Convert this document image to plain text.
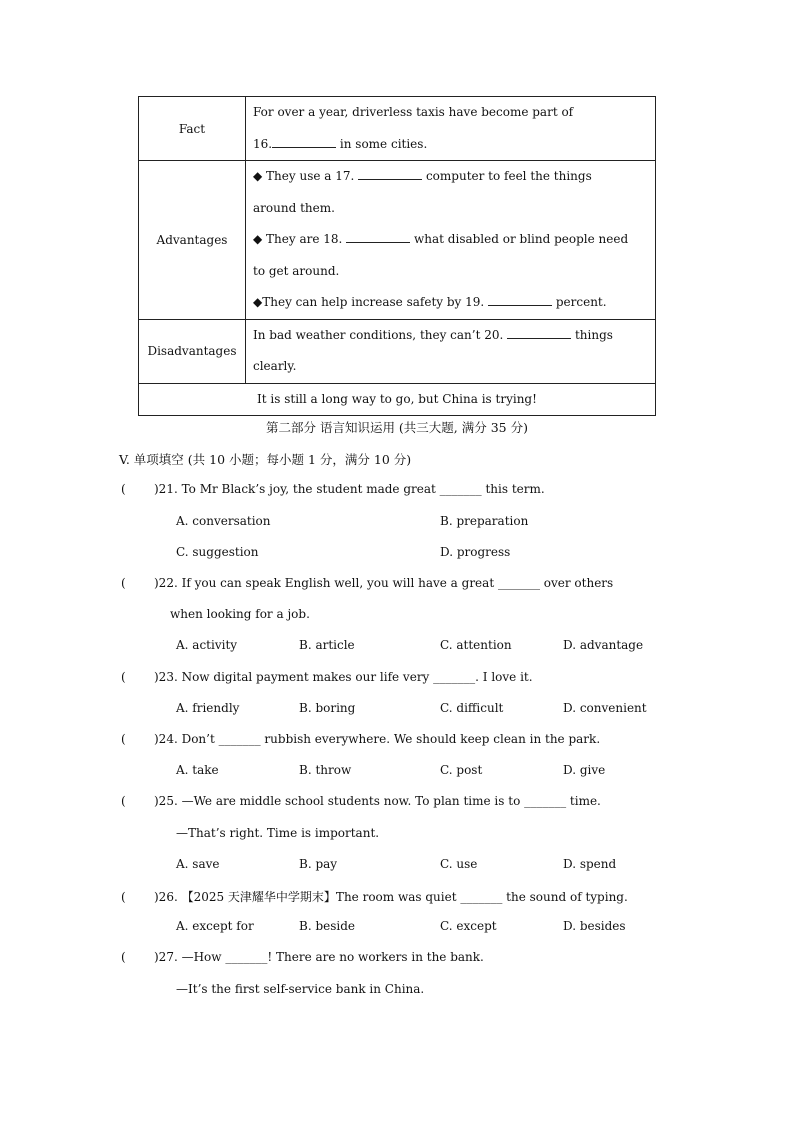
Fact	For over a year, driverless taxis have become part of
16. in some cities.

Advantages	◆ They use a 17. computer to feel the things
around them.
◆ They are 18. what disabled or blind people need
to get around.
◆They can help increase safety by 19. percent.

Disadvantages	In bad weather conditions, they can’t 20. things
clearly.

It is still a long way to go, but China is trying!	
第二部分 语言知识运用 (共三大题, 满分 35 分)
V. 单项填空 (共 10 小题；每小题 1 分，满分 10 分)
( )21. To Mr Black’s joy, the student made great _______ this term.
A. conversation	B. preparation
C. suggestion	D. progress
( )22. If you can speak English well, you will have a great _______ over others
when looking for a job.
A. activity	B. article	C. attention	D. advantage
( )23. Now digital payment makes our life very _______. I love it.
A. friendly	B. boring	C. difficult	D. convenient
( )24. Don’t _______ rubbish everywhere. We should keep clean in the park.
A. take	B. throw	C. post	D. give
( )25. —We are middle school students now. To plan time is to _______ time.
—That’s right. Time is important.
A. save	B. pay	C. use	D. spend
( )26. 【2025 天津耀华中学期末】The room was quiet _______ the sound of typing.
A. except for	B. beside	C. except	D. besides
( )27. —How _______! There are no workers in the bank.
—It’s the first self-service bank in China.
